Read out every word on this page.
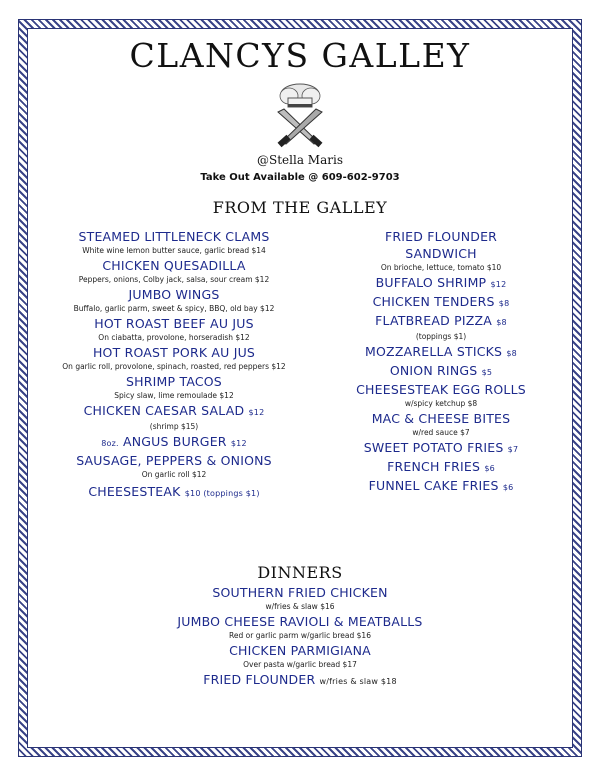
CLANCYS GALLEY
@Stella Maris
Take Out Available @ 609-602-9703
FROM THE GALLEY
STEAMED LITTLENECK CLAMS
White wine lemon butter sauce, garlic bread $14
CHICKEN QUESADILLA
Peppers, onions, Colby jack, salsa, sour cream $12
JUMBO WINGS
Buffalo, garlic parm, sweet & spicy, BBQ, old bay $12
HOT ROAST BEEF AU JUS
On ciabatta, provolone, horseradish $12
HOT ROAST PORK AU JUS
On garlic roll, provolone, spinach, roasted, red peppers $12
SHRIMP TACOS
Spicy slaw, lime remoulade $12
CHICKEN CAESAR SALAD $12
(shrimp $15)
8oz. ANGUS BURGER $12
SAUSAGE, PEPPERS & ONIONS
On garlic roll $12
CHEESESTEAK $10 (toppings $1)
FRIED FLOUNDER
SANDWICH
On brioche, lettuce, tomato $10
BUFFALO SHRIMP $12
CHICKEN TENDERS $8
FLATBREAD PIZZA $8
(toppings $1)
MOZZARELLA STICKS $8
ONION RINGS $5
CHEESESTEAK EGG ROLLS
w/spicy ketchup $8
MAC & CHEESE BITES
w/red sauce $7
SWEET POTATO FRIES $7
FRENCH FRIES $6
FUNNEL CAKE FRIES $6
DINNERS
SOUTHERN FRIED CHICKEN
w/fries & slaw $16
JUMBO CHEESE RAVIOLI & MEATBALLS
Red or garlic parm w/garlic bread $16
CHICKEN PARMIGIANA
Over pasta w/garlic bread $17
FRIED FLOUNDER w/fries & slaw $18
